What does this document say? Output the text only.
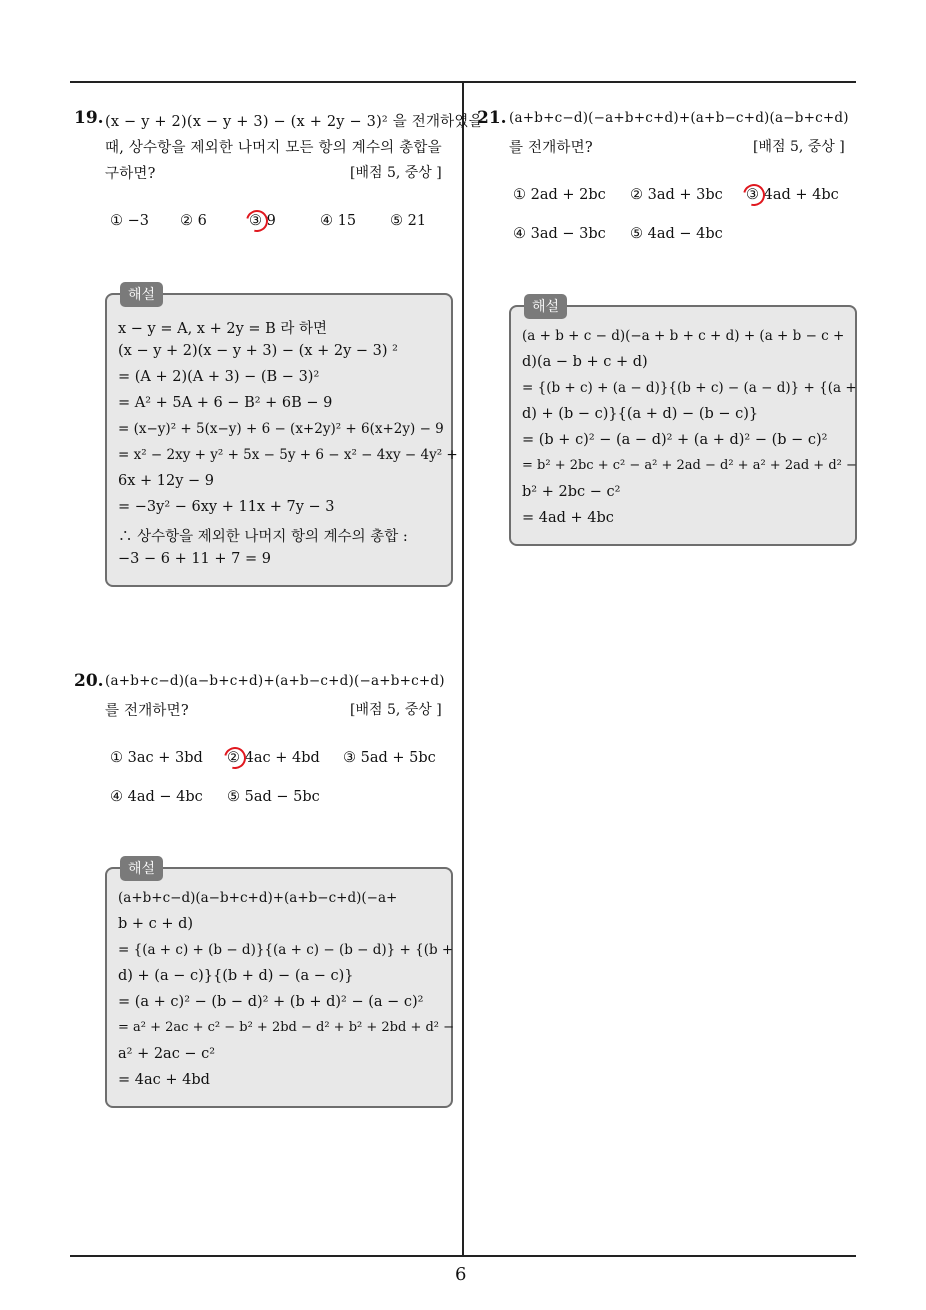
6
19. (x − y + 2)(x − y + 3) − (x + 2y − 3)² 을 전개하였을
때, 상수항을 제외한 나머지 모든 항의 계수의 총합을
구하면?	[배점 5, 중상 ]
① −3 ② 6	③ 9	④ 15 ⑤ 21
해설
x − y = A, x + 2y = B 라 하면
(x − y + 2)(x − y + 3) − (x + 2y − 3) ²
= (A + 2)(A + 3) − (B − 3)²
= A² + 5A + 6 − B² + 6B − 9
= (x−y)² + 5(x−y) + 6 − (x+2y)² + 6(x+2y) − 9
= x² − 2xy + y² + 5x − 5y + 6 − x² − 4xy − 4y² +
6x + 12y − 9
= −3y² − 6xy + 11x + 7y − 3
∴ 상수항을 제외한 나머지 항의 계수의 총합 :
−3 − 6 + 11 + 7 = 9
20. (a+b+c−d)(a−b+c+d)+(a+b−c+d)(−a+b+c+d)
를 전개하면?	[배점 5, 중상 ]
① 3ac + 3bd ② 4ac + 4bd ③ 5ad + 5bc
④ 4ad − 4bc ⑤ 5ad − 5bc
해설
(a+b+c−d)(a−b+c+d)+(a+b−c+d)(−a+
b + c + d)
= {(a + c) + (b − d)}{(a + c) − (b − d)} + {(b +
d) + (a − c)}{(b + d) − (a − c)}
= (a + c)² − (b − d)² + (b + d)² − (a − c)²
= a² + 2ac + c² − b² + 2bd − d² + b² + 2bd + d² −
a² + 2ac − c²
= 4ac + 4bd
21. (a+b+c−d)(−a+b+c+d)+(a+b−c+d)(a−b+c+d)
를 전개하면?	[배점 5, 중상 ]
① 2ad + 2bc ② 3ad + 3bc ③ 4ad + 4bc
④ 3ad − 3bc ⑤ 4ad − 4bc
해설
(a + b + c − d)(−a + b + c + d) + (a + b − c +
d)(a − b + c + d)
= {(b + c) + (a − d)}{(b + c) − (a − d)} + {(a +
d) + (b − c)}{(a + d) − (b − c)}
= (b + c)² − (a − d)² + (a + d)² − (b − c)²
= b² + 2bc + c² − a² + 2ad − d² + a² + 2ad + d² −
b² + 2bc − c²
= 4ad + 4bc
